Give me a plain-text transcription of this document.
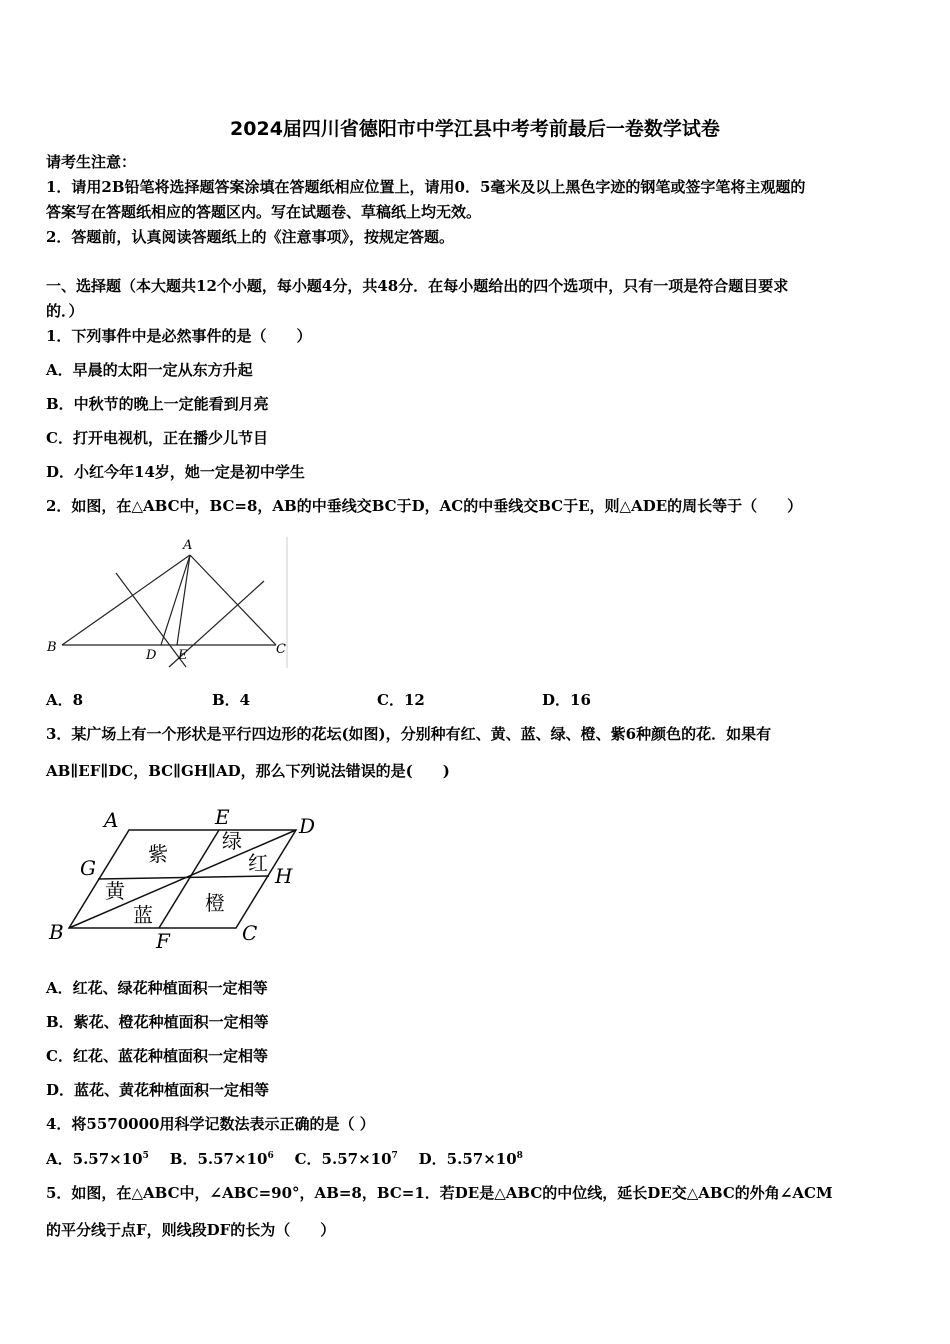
2024届四川省德阳市中学江县中考考前最后一卷数学试卷
请考生注意：
1．请用2B铅笔将选择题答案涂填在答题纸相应位置上，请用0．5毫米及以上黑色字迹的钢笔或签字笔将主观题的
答案写在答题纸相应的答题区内。写在试题卷、草稿纸上均无效。
2．答题前，认真阅读答题纸上的《注意事项》，按规定答题。
一、选择题（本大题共12个小题，每小题4分，共48分．在每小题给出的四个选项中，只有一项是符合题目要求
的．）
1．下列事件中是必然事件的是（　　）
A．早晨的太阳一定从东方升起
B．中秋节的晚上一定能看到月亮
C．打开电视机，正在播少儿节目
D．小红今年14岁，她一定是初中学生
2．如图，在△ABC中，BC=8，AB的中垂线交BC于D，AC的中垂线交BC于E，则△ADE的周长等于（　　）
A
B	C
D E
A．8	B．4	C．12	D．16
3．某广场上有一个形状是平行四边形的花坛(如图)，分别种有红、黄、蓝、绿、橙、紫6种颜色的花．如果有
AB∥EF∥DC，BC∥GH∥AD，那么下列说法错误的是(　　)
A	E	D
G	H
B	F	C
紫
绿
红
黄
蓝	橙
A．红花、绿花种植面积一定相等
B．紫花、橙花种植面积一定相等
C．红花、蓝花种植面积一定相等
D．蓝花、黄花种植面积一定相等
4．将5570000用科学记数法表示正确的是（ ）
A．$5.57\times 10^5$ B．$5.57\times 10^6$ C．$5.57\times 10^7$ D．$5.57\times 10^8$
5．如图，在△ABC中，∠ABC=90°，AB=8，BC=1．若DE是△ABC的中位线，延长DE交△ABC的外角∠ACM
的平分线于点F，则线段DF的长为（　　）
